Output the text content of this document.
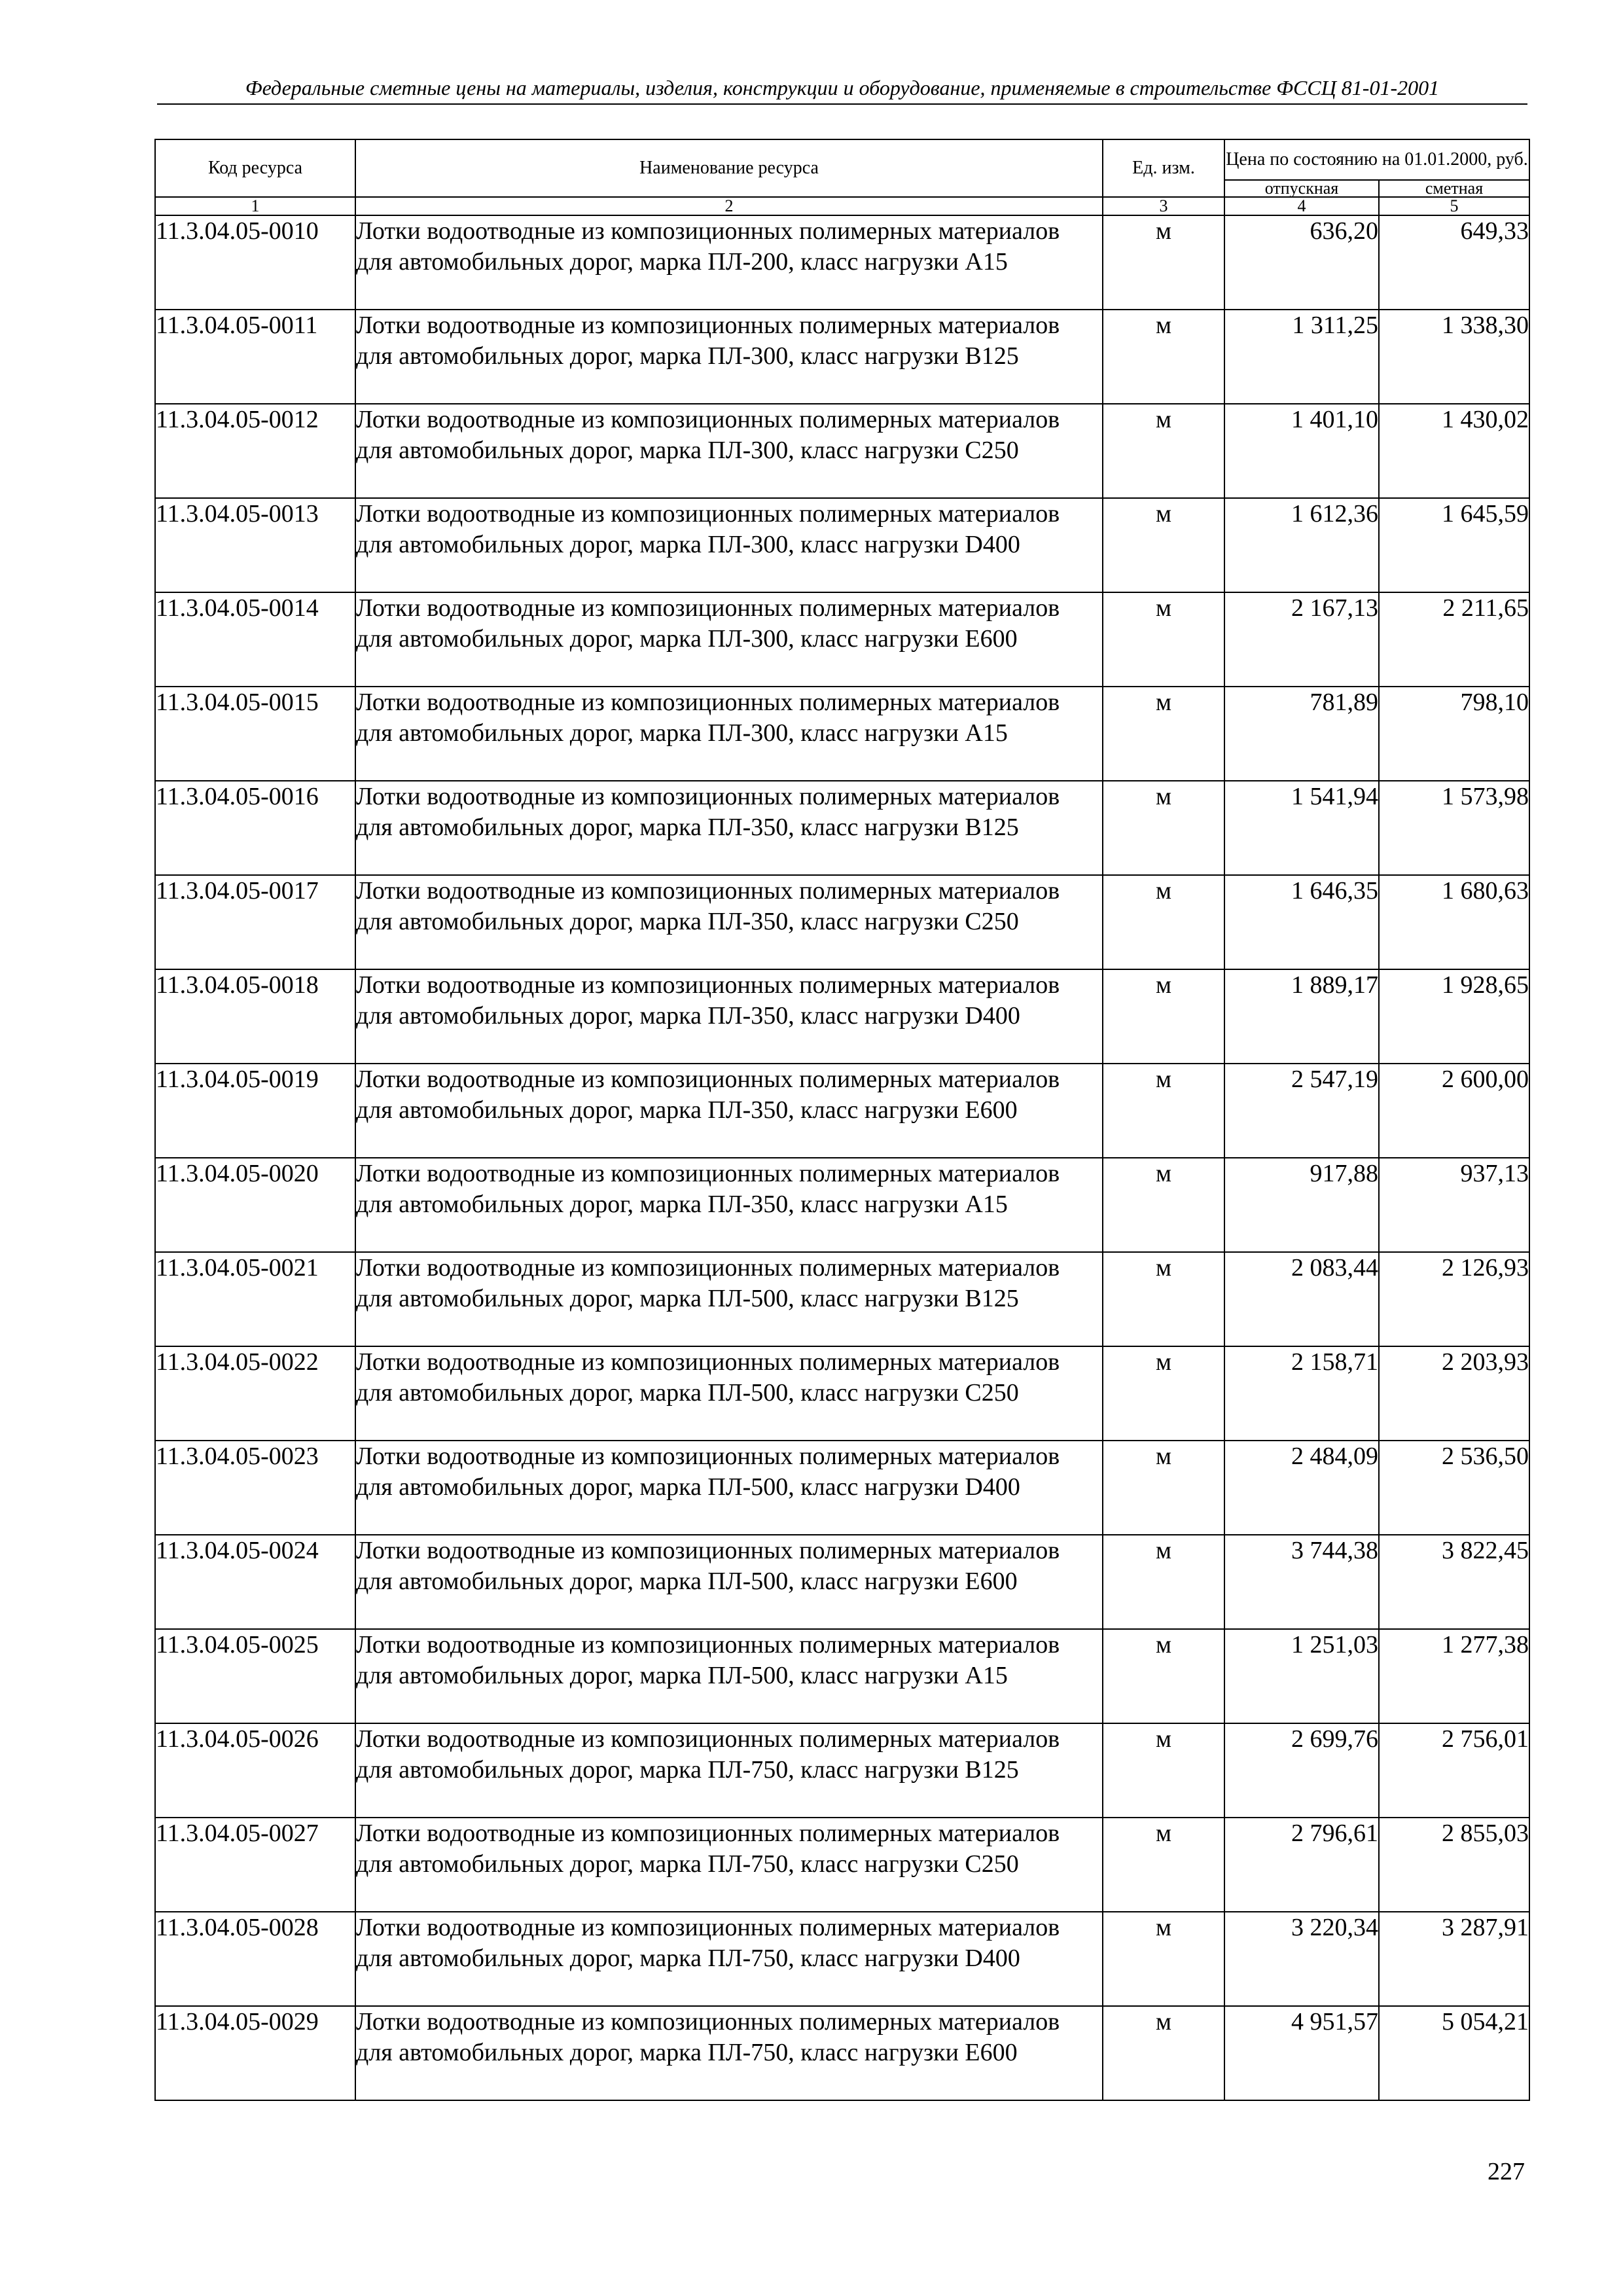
Федеральные сметные цены на материалы, изделия, конструкции и оборудование, применяемые в строительстве ФССЦ 81-01-2001
Код ресурса	Наименование ресурса	Ед. изм.	Цена по состоянию на 01.01.2000, руб.	
			отпускная	сметная
1	2	3	4	5
11.3.04.05-0010	Лотки водоотводные из композиционных полимерных материалов для автомобильных дорог, марка ПЛ-200, класс нагрузки А15	м	636,20	649,33
11.3.04.05-0011	Лотки водоотводные из композиционных полимерных материалов для автомобильных дорог, марка ПЛ-300, класс нагрузки В125	м	1 311,25	1 338,30
11.3.04.05-0012	Лотки водоотводные из композиционных полимерных материалов для автомобильных дорог, марка ПЛ-300, класс нагрузки С250	м	1 401,10	1 430,02
11.3.04.05-0013	Лотки водоотводные из композиционных полимерных материалов для автомобильных дорог, марка ПЛ-300, класс нагрузки D400	м	1 612,36	1 645,59
11.3.04.05-0014	Лотки водоотводные из композиционных полимерных материалов для автомобильных дорог, марка ПЛ-300, класс нагрузки Е600	м	2 167,13	2 211,65
11.3.04.05-0015	Лотки водоотводные из композиционных полимерных материалов для автомобильных дорог, марка ПЛ-300, класс нагрузки А15	м	781,89	798,10
11.3.04.05-0016	Лотки водоотводные из композиционных полимерных материалов для автомобильных дорог, марка ПЛ-350, класс нагрузки В125	м	1 541,94	1 573,98
11.3.04.05-0017	Лотки водоотводные из композиционных полимерных материалов для автомобильных дорог, марка ПЛ-350, класс нагрузки С250	м	1 646,35	1 680,63
11.3.04.05-0018	Лотки водоотводные из композиционных полимерных материалов для автомобильных дорог, марка ПЛ-350, класс нагрузки D400	м	1 889,17	1 928,65
11.3.04.05-0019	Лотки водоотводные из композиционных полимерных материалов для автомобильных дорог, марка ПЛ-350, класс нагрузки Е600	м	2 547,19	2 600,00
11.3.04.05-0020	Лотки водоотводные из композиционных полимерных материалов для автомобильных дорог, марка ПЛ-350, класс нагрузки А15	м	917,88	937,13
11.3.04.05-0021	Лотки водоотводные из композиционных полимерных материалов для автомобильных дорог, марка ПЛ-500, класс нагрузки В125	м	2 083,44	2 126,93
11.3.04.05-0022	Лотки водоотводные из композиционных полимерных материалов для автомобильных дорог, марка ПЛ-500, класс нагрузки С250	м	2 158,71	2 203,93
11.3.04.05-0023	Лотки водоотводные из композиционных полимерных материалов для автомобильных дорог, марка ПЛ-500, класс нагрузки D400	м	2 484,09	2 536,50
11.3.04.05-0024	Лотки водоотводные из композиционных полимерных материалов для автомобильных дорог, марка ПЛ-500, класс нагрузки Е600	м	3 744,38	3 822,45
11.3.04.05-0025	Лотки водоотводные из композиционных полимерных материалов для автомобильных дорог, марка ПЛ-500, класс нагрузки А15	м	1 251,03	1 277,38
11.3.04.05-0026	Лотки водоотводные из композиционных полимерных материалов для автомобильных дорог, марка ПЛ-750, класс нагрузки В125	м	2 699,76	2 756,01
11.3.04.05-0027	Лотки водоотводные из композиционных полимерных материалов для автомобильных дорог, марка ПЛ-750, класс нагрузки С250	м	2 796,61	2 855,03
11.3.04.05-0028	Лотки водоотводные из композиционных полимерных материалов для автомобильных дорог, марка ПЛ-750, класс нагрузки D400	м	3 220,34	3 287,91
11.3.04.05-0029	Лотки водоотводные из композиционных полимерных материалов для автомобильных дорог, марка ПЛ-750, класс нагрузки Е600	м	4 951,57	5 054,21
227
